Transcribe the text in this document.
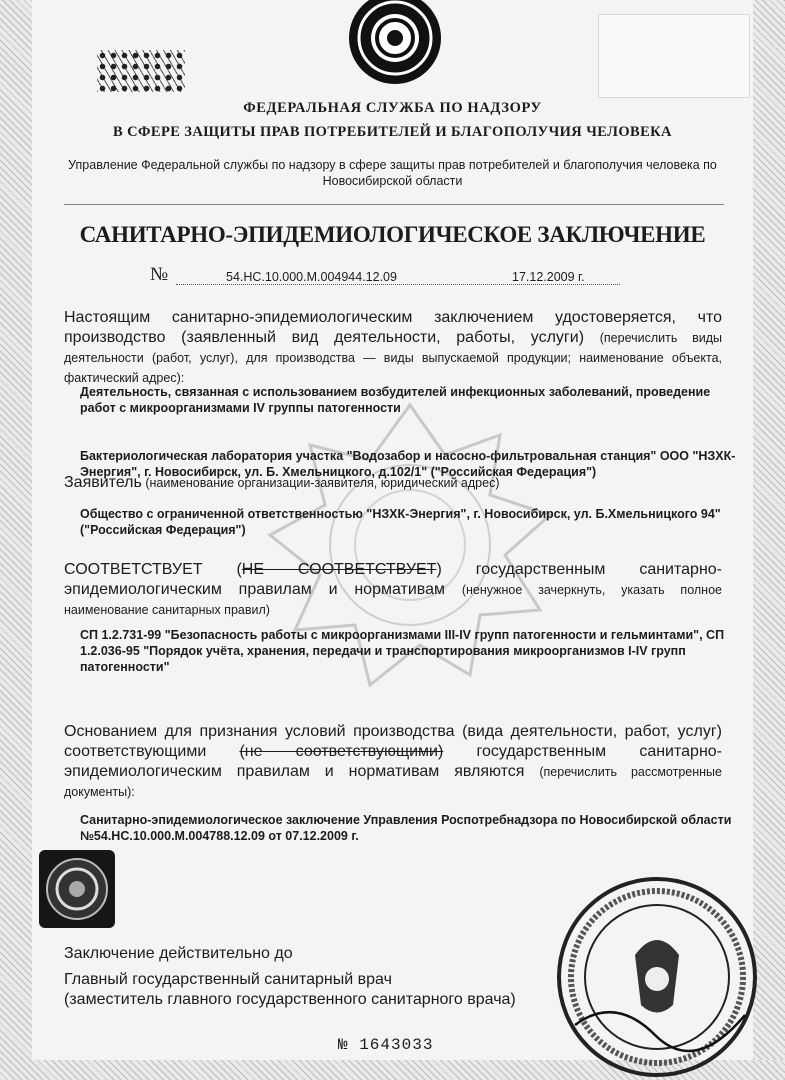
ФЕДЕРАЛЬНАЯ СЛУЖБА ПО НАДЗОРУ
В СФЕРЕ ЗАЩИТЫ ПРАВ ПОТРЕБИТЕЛЕЙ И БЛАГОПОЛУЧИЯ ЧЕЛОВЕКА
Управление Федеральной службы по надзору в сфере защиты прав потребителей и благополучия человека по Новосибирской области
САНИТАРНО-ЭПИДЕМИОЛОГИЧЕСКОЕ ЗАКЛЮЧЕНИЕ
№	54.НС.10.000.М.004944.12.09	17.12.2009 г.
Настоящим санитарно-эпидемиологическим заключением удостоверяется, что производство (заявленный вид деятельности, работы, услуги) (перечислить виды деятельности (работ, услуг), для производства — виды выпускаемой продукции; наименование объекта, фактический адрес):
Деятельность, связанная с использованием возбудителей инфекционных заболеваний, проведение работ с микроорганизмами IV группы патогенности
Бактериологическая лаборатория участка "Водозабор и насосно-фильтровальная станция" ООО "НЗХК-Энергия", г. Новосибирск, ул. Б. Хмельницкого, д.102/1" ("Российская Федерация")
Заявитель (наименование организации-заявителя, юридический адрес)
Общество с ограниченной ответственностью "НЗХК-Энергия", г. Новосибирск, ул. Б.Хмельницкого 94" ("Российская Федерация")
СООТВЕТСТВУЕТ (НЕ СООТВЕТСТВУЕТ) государственным санитарно-эпидемиологическим правилам и нормативам (ненужное зачеркнуть, указать полное наименование санитарных правил)
СП 1.2.731-99 "Безопасность работы с микроорганизмами III-IV групп патогенности и гельминтами", СП 1.2.036-95 "Порядок учёта, хранения, передачи и транспортирования микроорганизмов I-IV групп патогенности"
Основанием для признания условий производства (вида деятельности, работ, услуг) соответствующими (не соответствующими) государственным санитарно-эпидемиологическим правилам и нормативам являются (перечислить рассмотренные документы):
Санитарно-эпидемиологическое заключение Управления Роспотребнадзора по Новосибирской области №54.НС.10.000.М.004788.12.09 от 07.12.2009 г.
Заключение действительно до
Главный государственный санитарный врач
(заместитель главного государственного санитарного врача)
№ 1643033
